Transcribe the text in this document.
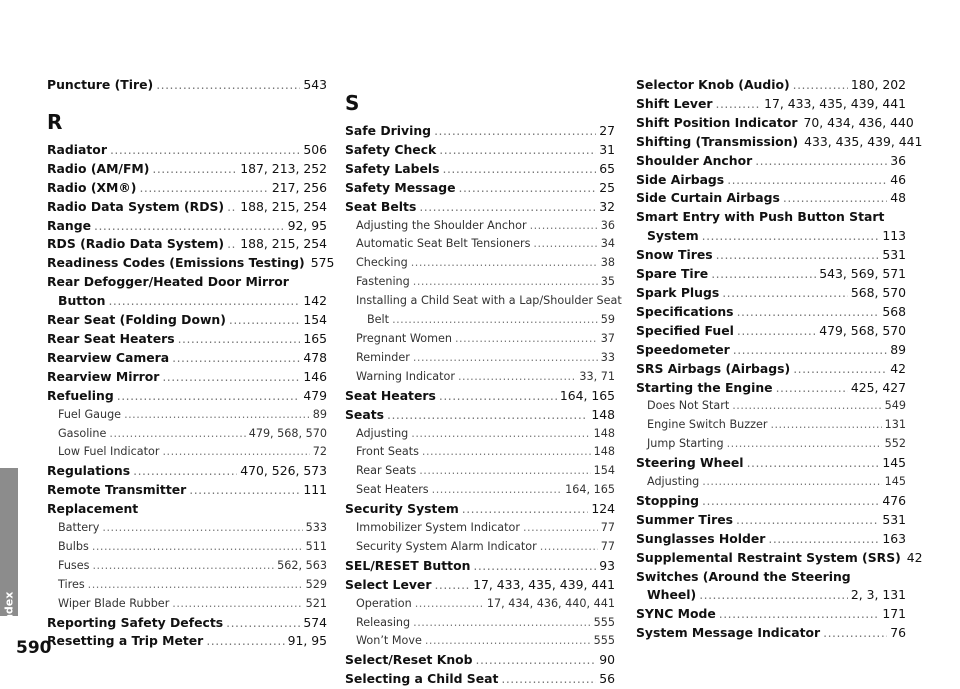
Index
Puncture (Tire) .....	543
R
Radiator .....	506
Radio (AM/FM) .....	187, 213, 252
Radio (XM®) .....	217, 256
Radio Data System (RDS) ..... 188, 215, 254
Range .....	92, 95
RDS (Radio Data System) ..... 188, 215, 254
Readiness Codes (Emissions Testing) 575
Rear Defogger/Heated Door Mirror
Button .....	142
Rear Seat (Folding Down) .....	154
Rear Seat Heaters .....	165
Rearview Camera .....	478
Rearview Mirror .....	146
Refueling .....	479
Fuel Gauge .....	89
Gasoline .....	479, 568, 570
Low Fuel Indicator .....	72
Regulations .....	470, 526, 573
Remote Transmitter .....	111
Replacement
Battery .....	533
Bulbs .....	511
Fuses .....	562, 563
Tires .....	529
Wiper Blade Rubber .....	521
Reporting Safety Defects .....	574
Resetting a Trip Meter .....	91, 95
S
Safe Driving .....	27
Safety Check .....	31
Safety Labels .....	65
Safety Message .....	25
Seat Belts .....	32
Adjusting the Shoulder Anchor .....	36
Automatic Seat Belt Tensioners .....	34
Checking .....	38
Fastening .....	35
Installing a Child Seat with a Lap/Shoulder Seat
Belt .....	59
Pregnant Women .....	37
Reminder .....	33
Warning Indicator .....	33, 71
Seat Heaters .....	164, 165
Seats .....	148
Adjusting .....	148
Front Seats .....	148
Rear Seats .....	154
Seat Heaters .....	164, 165
Security System .....	124
Immobilizer System Indicator .....	77
Security System Alarm Indicator .....	77
SEL/RESET Button .....	93
Select Lever .....	17, 433, 435, 439, 441
Operation .....	17, 434, 436, 440, 441
Releasing .....	555
Won’t Move .....	555
Select/Reset Knob .....	90
Selecting a Child Seat .....	56
Selector Knob (Audio) .....	180, 202
Shift Lever .....	17, 433, 435, 439, 441
Shift Position Indicator 70, 434, 436, 440
Shifting (Transmission) 433, 435, 439, 441
Shoulder Anchor .....	36
Side Airbags .....	46
Side Curtain Airbags .....	48
Smart Entry with Push Button Start
System .....	113
Snow Tires .....	531
Spare Tire .....	543, 569, 571
Spark Plugs .....	568, 570
Specifications .....	568
Specified Fuel .....	479, 568, 570
Speedometer .....	89
SRS Airbags (Airbags) .....	42
Starting the Engine .....	425, 427
Does Not Start .....	549
Engine Switch Buzzer .....	131
Jump Starting .....	552
Steering Wheel .....	145
Adjusting .....	145
Stopping .....	476
Summer Tires .....	531
Sunglasses Holder .....	163
Supplemental Restraint System (SRS) 42
Switches (Around the Steering
Wheel) .....	2, 3, 131
SYNC Mode .....	171
System Message Indicator .....	76
590
